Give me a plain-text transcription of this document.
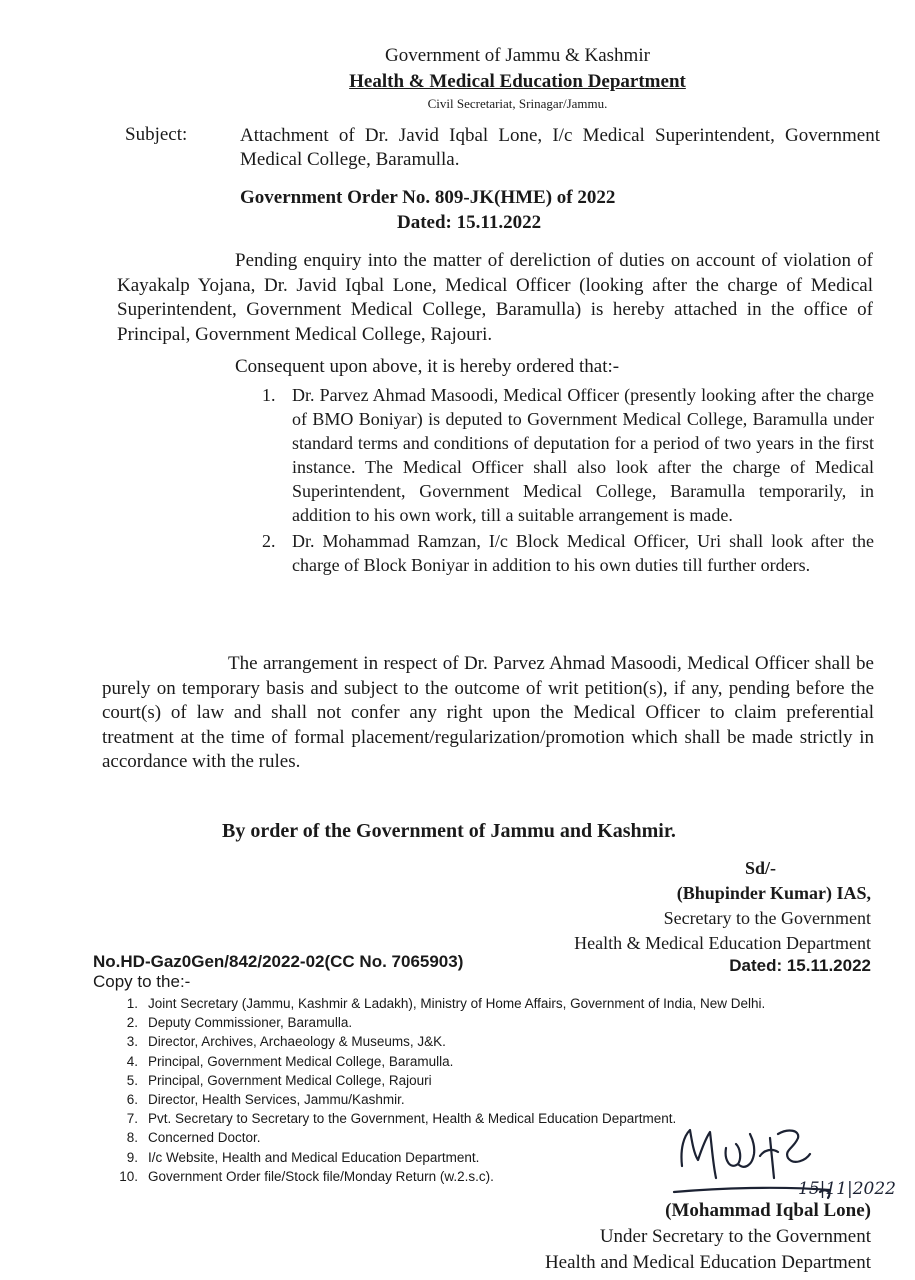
Government of Jammu & Kashmir
Health & Medical Education Department
Civil Secretariat, Srinagar/Jammu.
Subject:	Attachment of Dr. Javid Iqbal Lone, I/c Medical Superintendent, Government Medical College, Baramulla.
Government Order No. 809-JK(HME) of 2022
Dated: 15.11.2022
Pending enquiry into the matter of dereliction of duties on account of violation of Kayakalp Yojana, Dr. Javid Iqbal Lone, Medical Officer (looking after the charge of Medical Superintendent, Government Medical College, Baramulla) is hereby attached in the office of Principal, Government Medical College, Rajouri.
Consequent upon above, it is hereby ordered that:-
1. Dr. Parvez Ahmad Masoodi, Medical Officer (presently looking after the charge of BMO Boniyar) is deputed to Government Medical College, Baramulla under standard terms and conditions of deputation for a period of two years in the first instance. The Medical Officer shall also look after the charge of Medical Superintendent, Government Medical College, Baramulla temporarily, in addition to his own work, till a suitable arrangement is made.
2. Dr. Mohammad Ramzan, I/c Block Medical Officer, Uri shall look after the charge of Block Boniyar in addition to his own duties till further orders.
The arrangement in respect of Dr. Parvez Ahmad Masoodi, Medical Officer shall be purely on temporary basis and subject to the outcome of writ petition(s), if any, pending before the court(s) of law and shall not confer any right upon the Medical Officer to claim preferential treatment at the time of formal placement/regularization/promotion which shall be made strictly in accordance with the rules.
By order of the Government of Jammu and Kashmir.
Sd/-
(Bhupinder Kumar) IAS,
Secretary to the Government
Health & Medical Education Department
No.HD-Gaz0Gen/842/2022-02(CC No. 7065903)	Dated: 15.11.2022
Copy to the:-
1. Joint Secretary (Jammu, Kashmir & Ladakh), Ministry of Home Affairs, Government of India, New Delhi.
2. Deputy Commissioner, Baramulla.
3. Director, Archives, Archaeology & Museums, J&K.
4. Principal, Government Medical College, Baramulla.
5. Principal, Government Medical College, Rajouri
6. Director, Health Services, Jammu/Kashmir.
7. Pvt. Secretary to Secretary to the Government, Health & Medical Education Department.
8. Concerned Doctor.
9. I/c Website, Health and Medical Education Department.
10. Government Order file/Stock file/Monday Return (w.2.s.c).
15|11|2022
(Mohammad Iqbal Lone)
Under Secretary to the Government
Health and Medical Education Department
